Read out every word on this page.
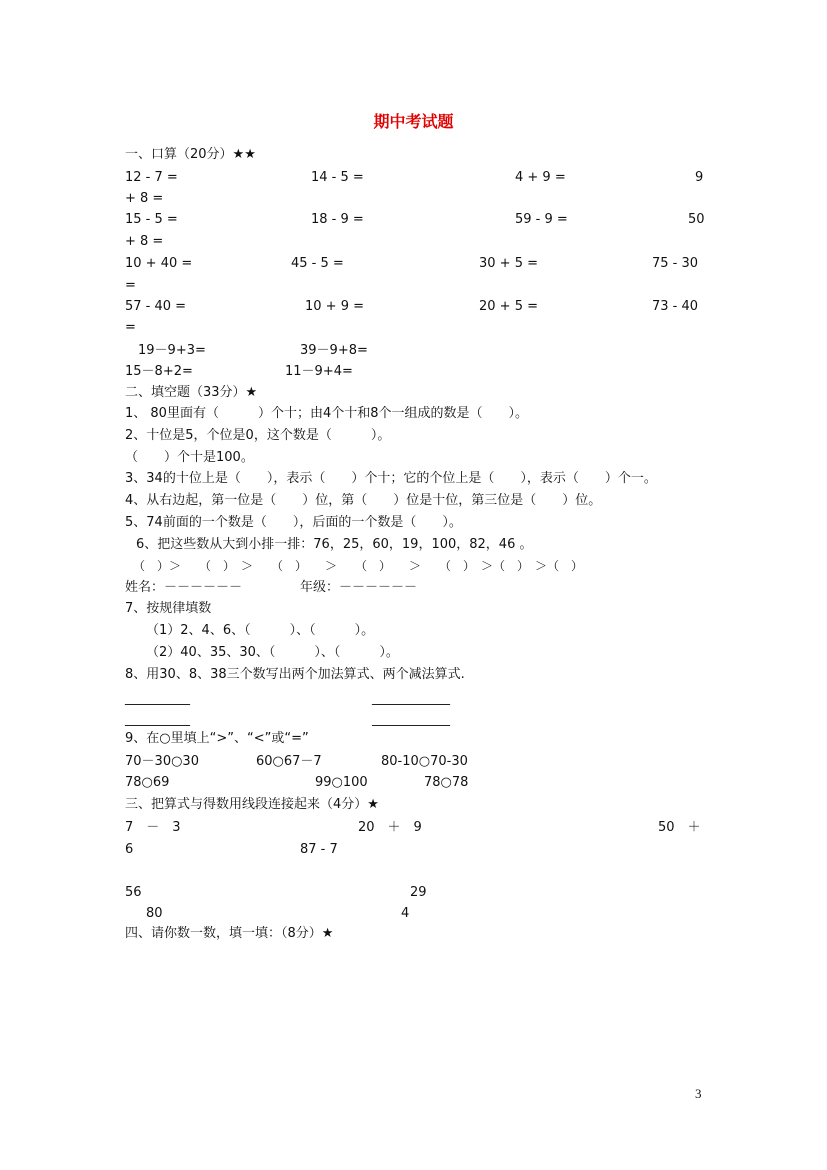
期中考试题
一、口算（20分）★★
12 - 7 =	14 - 5 =	4 + 9 =	9
+ 8 =
15 - 5 =	18 - 9 =	59 - 9 =	50
+ 8 =
10 + 40 =	45 - 5 =	30 + 5 =	75 - 30
=
57 - 40 =	10 + 9 =	20 + 5 =	73 - 40
=
19－9+3=	39－9+8=
15－8+2=	11－9+4=
二、填空题（33分）★
1、 80里面有（　　　）个十；由4个十和8个一组成的数是（　　）。
2、十位是5，个位是0，这个数是（　　　）。
（　　）个十是100。
3、34的十位上是（　　），表示（　　）个十；它的个位上是（　　），表示（　　）个一。
4、从右边起，第一位是（　　）位，第（　　）位是十位，第三位是（　　）位。
5、74前面的一个数是（　　），后面的一个数是（　　）。
6、把这些数从大到小排一排：76，25，60，19，100，82，46 。
（　）＞　　（　）　＞　　（　）　　＞　　（　）　　＞　　（　）　＞（　）　＞（　）
姓名：－－－－－－	年级：－－－－－－
7、按规律填数
（1）2、4、6、（　　　）、（　　　）。
（2）40、35、30、（　　　）、（　　　）。
8、用30、8、38三个数写出两个加法算式、两个减法算式.
__________	____________
__________	____________
9、在○里填上“>”、“<”或“=”
70－30○30	60○67－7	80-10○70-30
78○69	99○100	78○78
三、把算式与得数用线段连接起来（4分）★
7　－　3	20　＋　9	50　＋
6	87 - 7
56	29
80	4
四、请你数一数，填一填：（8分）★
3
